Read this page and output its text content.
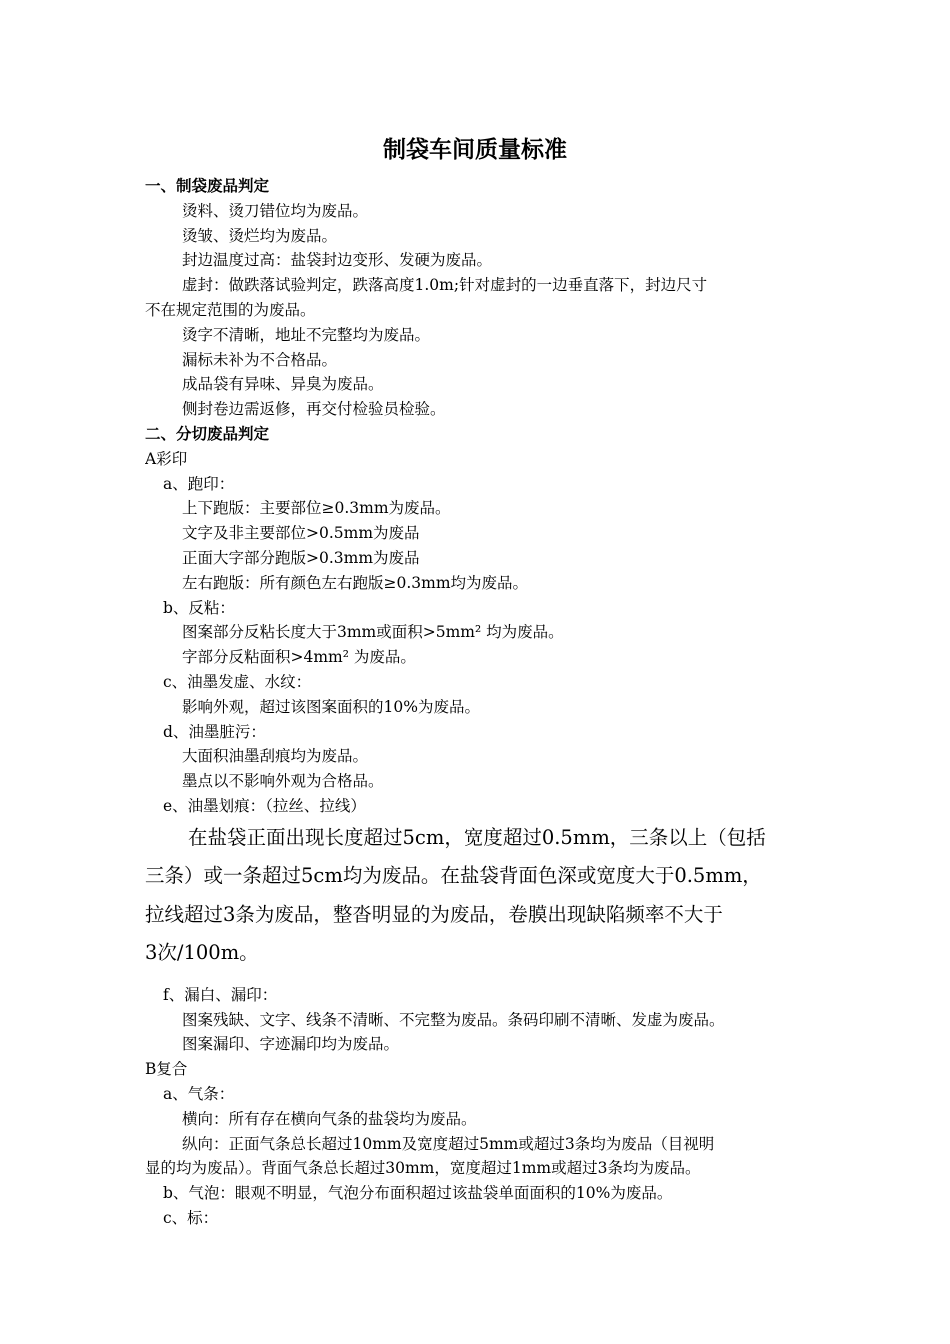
制袋车间质量标准
一、制袋废品判定
烫料、烫刀错位均为废品。
烫皱、烫烂均为废品。
封边温度过高：盐袋封边变形、发硬为废品。
虚封：做跌落试验判定，跌落高度1.0m;针对虚封的一边垂直落下，封边尺寸
不在规定范围的为废品。
烫字不清晰，地址不完整均为废品。
漏标未补为不合格品。
成品袋有异味、异臭为废品。
侧封卷边需返修，再交付检验员检验。
二、分切废品判定
A彩印
a、跑印：
上下跑版：主要部位≥0.3mm为废品。
文字及非主要部位>0.5mm为废品
正面大字部分跑版>0.3mm为废品
左右跑版：所有颜色左右跑版≥0.3mm均为废品。
b、反粘：
图案部分反粘长度大于3mm或面积>5mm² 均为废品。
字部分反粘面积>4mm² 为废品。
c、油墨发虚、水纹：
影响外观，超过该图案面积的10%为废品。
d、油墨脏污：
大面积油墨刮痕均为废品。
墨点以不影响外观为合格品。
e、油墨划痕：（拉丝、拉线）
在盐袋正面出现长度超过5cm，宽度超过0.5mm，三条以上（包括
三条）或一条超过5cm均为废品。在盐袋背面色深或宽度大于0.5mm，
拉线超过3条为废品，整沓明显的为废品，卷膜出现缺陷频率不大于
3次/100m。
f、漏白、漏印：
图案残缺、文字、线条不清晰、不完整为废品。条码印刷不清晰、发虚为废品。
图案漏印、字迹漏印均为废品。
B复合
a、气条：
横向：所有存在横向气条的盐袋均为废品。
纵向：正面气条总长超过10mm及宽度超过5mm或超过3条均为废品（目视明
显的均为废品）。背面气条总长超过30mm，宽度超过1mm或超过3条均为废品。
b、气泡：眼观不明显，气泡分布面积超过该盐袋单面面积的10%为废品。
c、标：
